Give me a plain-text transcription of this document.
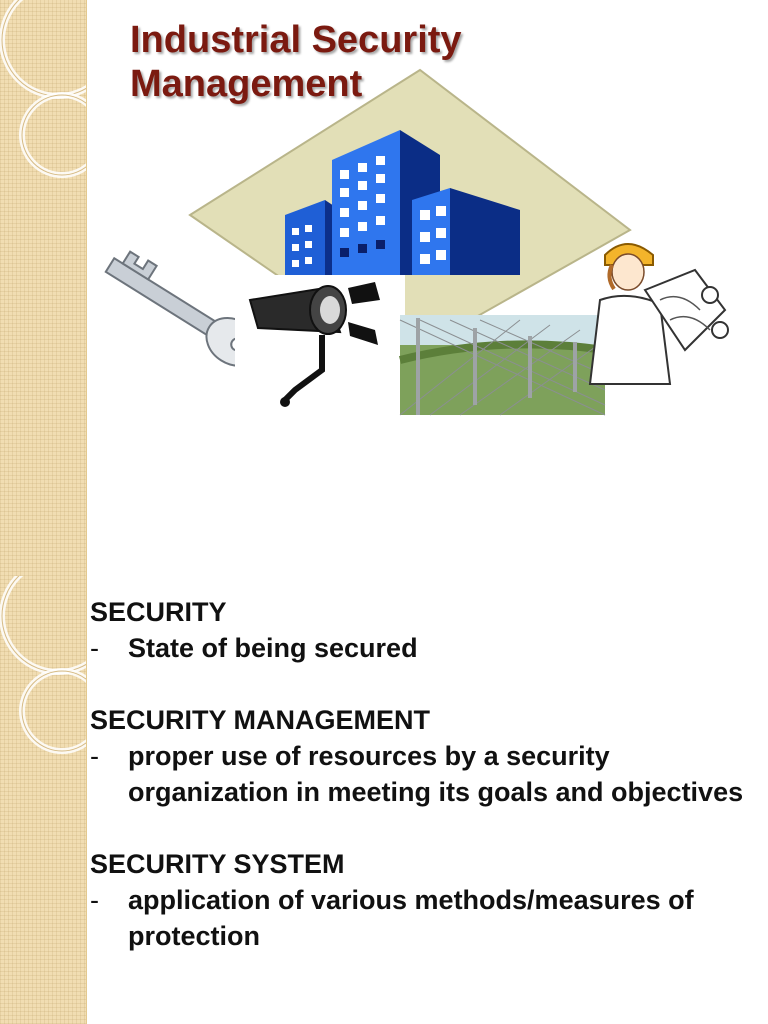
Industrial Security
Management
SECURITY
-	State of being secured
SECURITY MANAGEMENT
-	proper use of resources by a security organization in meeting its goals and objectives
SECURITY SYSTEM
-	application of various methods/measures of protection
